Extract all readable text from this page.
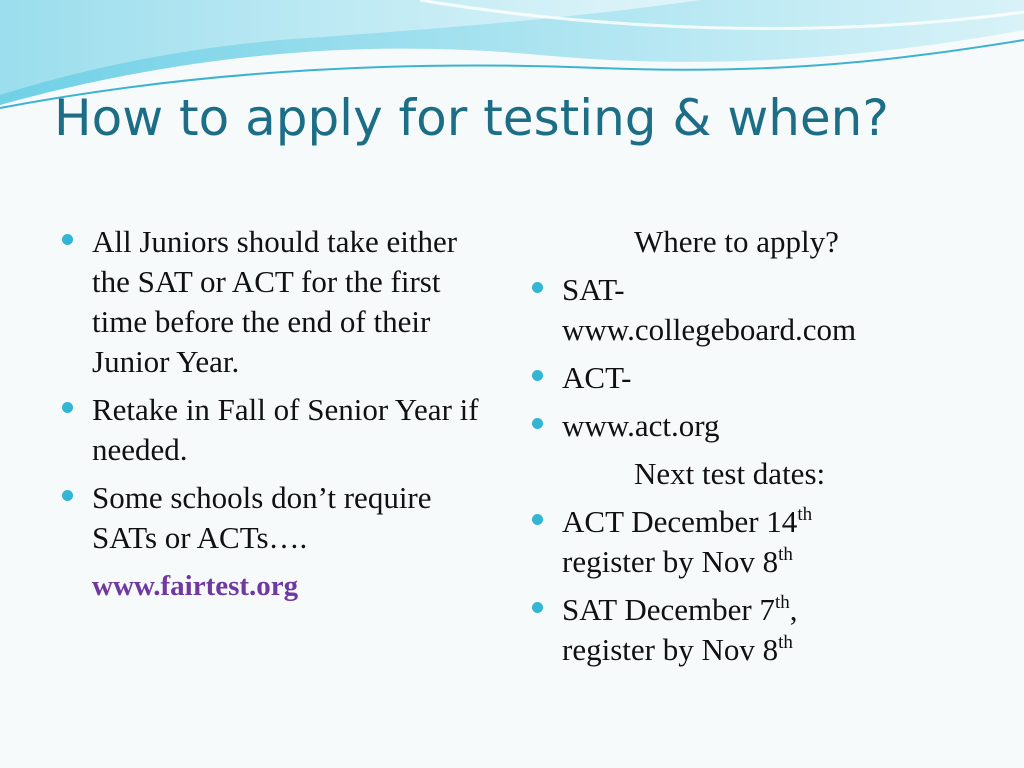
How to apply for testing & when?
All Juniors should take either the SAT or ACT for the first time before the end of their Junior Year.
Retake in Fall of Senior Year if needed.
Some schools don’t require SATs or ACTs….
www.fairtest.org
Where to apply?
SAT-
www.collegeboard.com
ACT-
www.act.org
Next test dates:
ACT December 14th
register by Nov 8th
SAT December 7th,
register by Nov 8th
